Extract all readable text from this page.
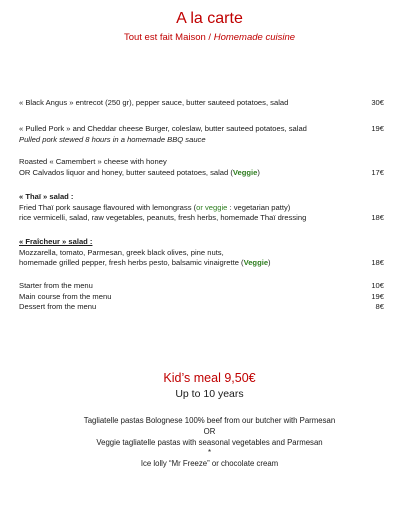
A la carte
Tout est fait Maison / Homemade cuisine
« Black Angus » entrecot (250 gr), pepper sauce, butter sauteed potatoes, salad	30€
« Pulled Pork » and Cheddar cheese Burger, coleslaw, butter sauteed potatoes, salad	19€
Pulled pork stewed 8 hours in a homemade BBQ sauce
Roasted « Camembert » cheese with honey
OR Calvados liquor and honey, butter sauteed potatoes, salad (Veggie)	17€
« Thaï » salad :
Fried Thaï pork sausage flavoured with lemongrass (or veggie : vegetarian patty)
rice vermicelli, salad, raw vegetables, peanuts, fresh herbs, homemade Thaï dressing	18€
« Fraîcheur » salad :
Mozzarella, tomato, Parmesan, greek black olives, pine nuts,
homemade grilled pepper, fresh herbs pesto, balsamic vinaigrette (Veggie)	18€
Starter from the menu	10€
Main course from the menu	19€
Dessert from the menu	8€
Kid’s meal 9,50€
Up to 10 years
Tagliatelle pastas Bolognese 100% beef from our butcher with Parmesan
OR
Veggie tagliatelle pastas with seasonal vegetables and Parmesan
*
Ice lolly “Mr Freeze” or chocolate cream
